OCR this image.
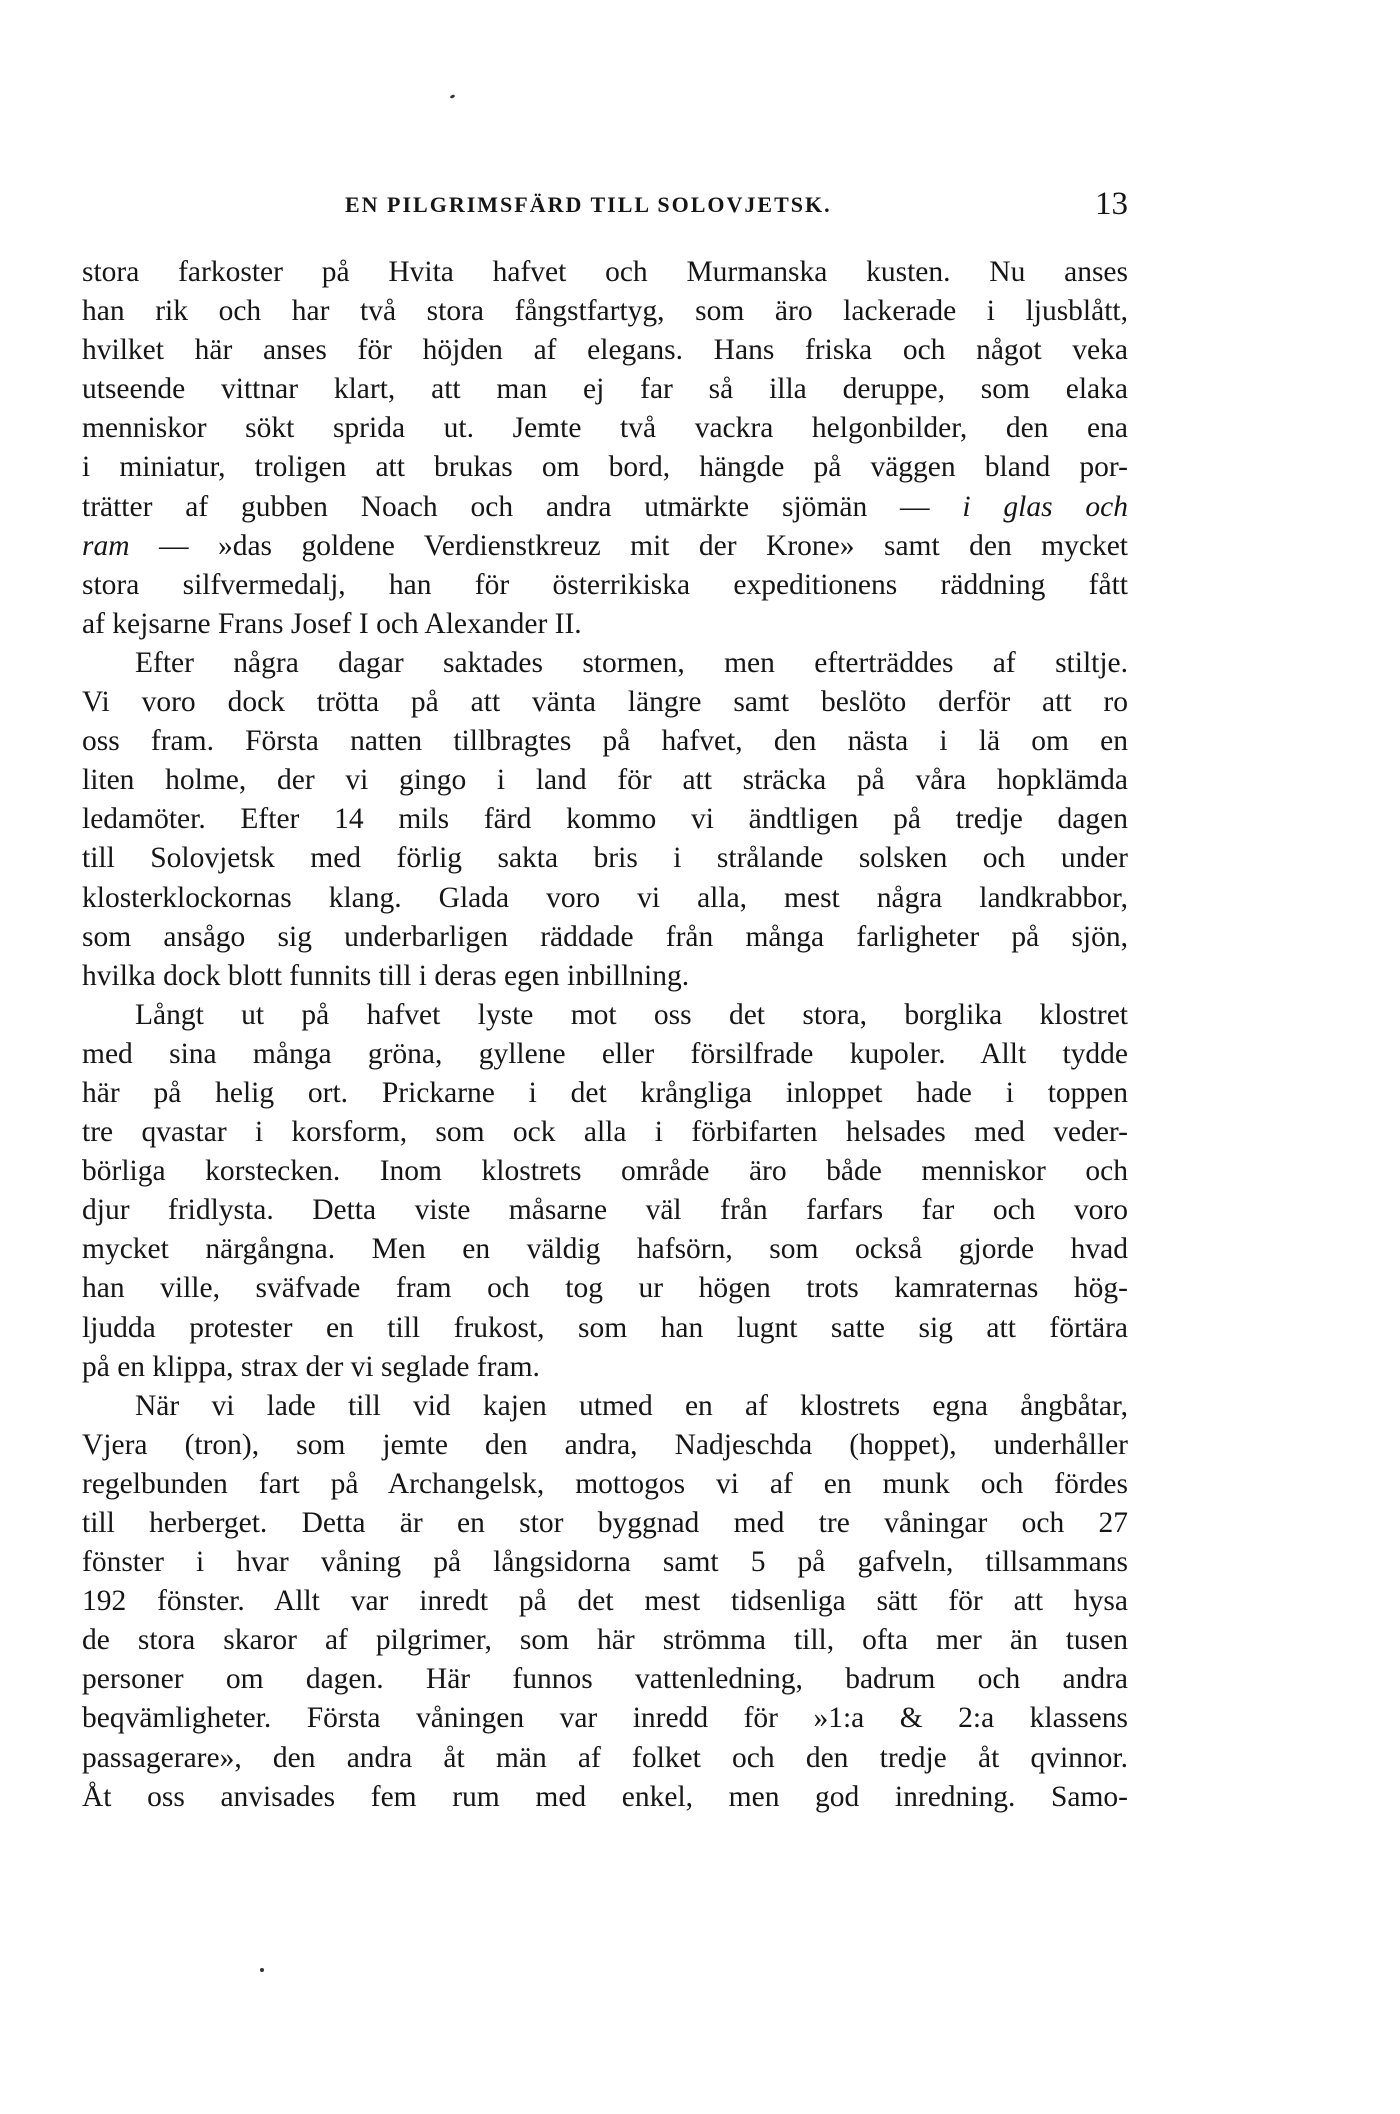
EN PILGRIMSFÄRD TILL SOLOVJETSK.	13
stora farkoster på Hvita hafvet och Murmanska kusten. Nu anses
han rik och har två stora fångstfartyg, som äro lackerade i ljusblått,
hvilket här anses för höjden af elegans. Hans friska och något veka
utseende vittnar klart, att man ej far så illa deruppe, som elaka
menniskor sökt sprida ut. Jemte två vackra helgonbilder, den ena
i miniatur, troligen att brukas om bord, hängde på väggen bland por-
trätter af gubben Noach och andra utmärkte sjömän — i glas och
ram — »das goldene Verdienstkreuz mit der Krone» samt den mycket
stora silfvermedalj, han för österrikiska expeditionens räddning fått
af kejsarne Frans Josef I och Alexander II.
Efter några dagar saktades stormen, men efterträddes af stiltje.
Vi voro dock trötta på att vänta längre samt beslöto derför att ro
oss fram. Första natten tillbragtes på hafvet, den nästa i lä om en
liten holme, der vi gingo i land för att sträcka på våra hopklämda
ledamöter. Efter 14 mils färd kommo vi ändtligen på tredje dagen
till Solovjetsk med förlig sakta bris i strålande solsken och under
klosterklockornas klang. Glada voro vi alla, mest några landkrabbor,
som ansågo sig underbarligen räddade från många farligheter på sjön,
hvilka dock blott funnits till i deras egen inbillning.
Långt ut på hafvet lyste mot oss det stora, borglika klostret
med sina många gröna, gyllene eller försilfrade kupoler. Allt tydde
här på helig ort. Prickarne i det krångliga inloppet hade i toppen
tre qvastar i korsform, som ock alla i förbifarten helsades med veder-
börliga korstecken. Inom klostrets område äro både menniskor och
djur fridlysta. Detta viste måsarne väl från farfars far och voro
mycket närgångna. Men en väldig hafsörn, som också gjorde hvad
han ville, sväfvade fram och tog ur högen trots kamraternas hög-
ljudda protester en till frukost, som han lugnt satte sig att förtära
på en klippa, strax der vi seglade fram.
När vi lade till vid kajen utmed en af klostrets egna ångbåtar,
Vjera (tron), som jemte den andra, Nadjeschda (hoppet), underhåller
regelbunden fart på Archangelsk, mottogos vi af en munk och fördes
till herberget. Detta är en stor byggnad med tre våningar och 27
fönster i hvar våning på långsidorna samt 5 på gafveln, tillsammans
192 fönster. Allt var inredt på det mest tidsenliga sätt för att hysa
de stora skaror af pilgrimer, som här strömma till, ofta mer än tusen
personer om dagen. Här funnos vattenledning, badrum och andra
beqvämligheter. Första våningen var inredd för »1:a & 2:a klassens
passagerare», den andra åt män af folket och den tredje åt qvinnor.
Åt oss anvisades fem rum med enkel, men god inredning. Samo-
